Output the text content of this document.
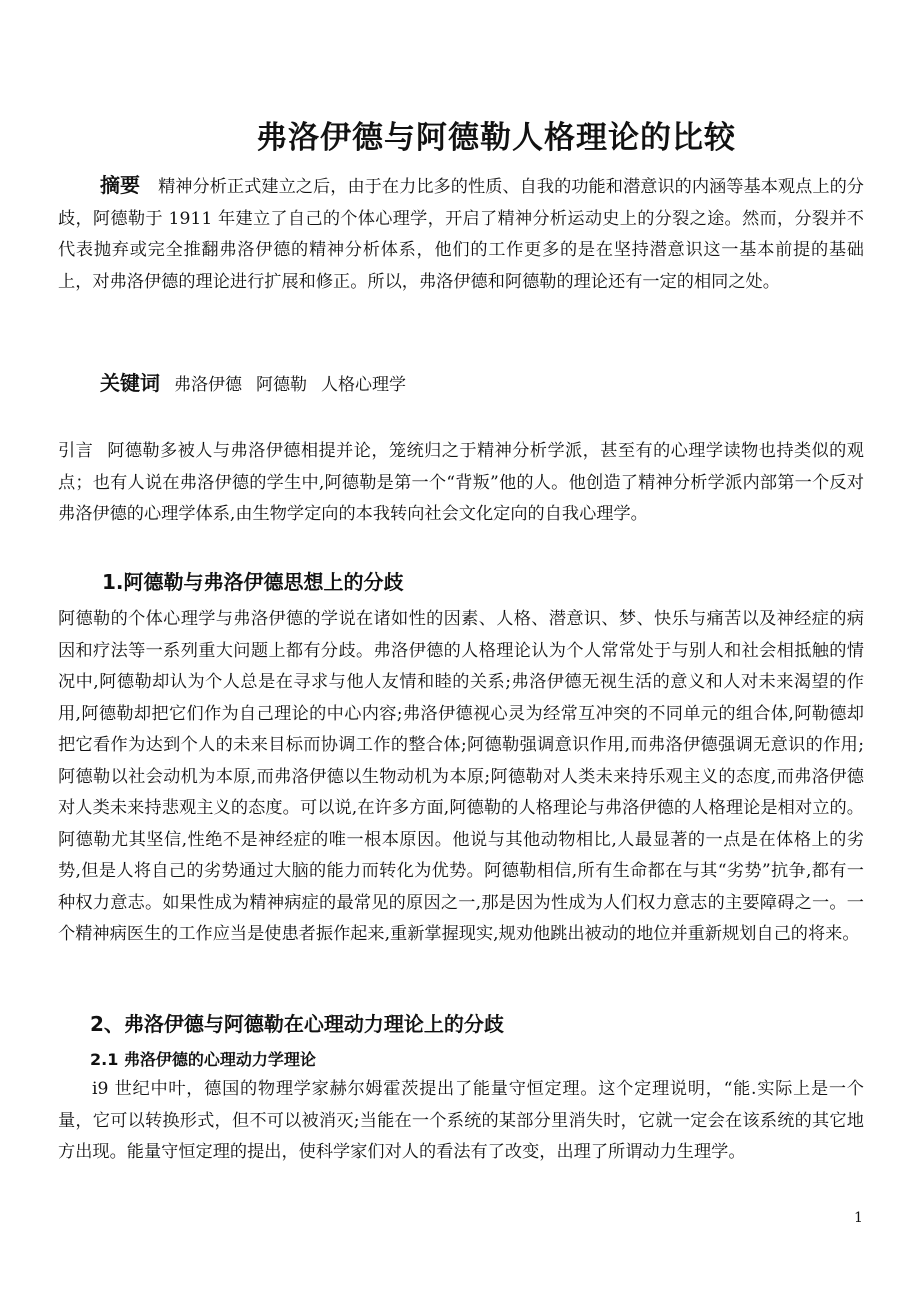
弗洛伊德与阿德勒人格理论的比较
摘要 精神分析正式建立之后，由于在力比多的性质、自我的功能和潜意识的内涵等基本观点上的分歧，阿德勒于 1911 年建立了自己的个体心理学，开启了精神分析运动史上的分裂之途。然而，分裂并不代表抛弃或完全推翻弗洛伊德的精神分析体系，他们的工作更多的是在坚持潜意识这一基本前提的基础上，对弗洛伊德的理论进行扩展和修正。所以，弗洛伊德和阿德勒的理论还有一定的相同之处。
关键词 弗洛伊德 阿德勒 人格心理学
引言 阿德勒多被人与弗洛伊德相提并论，笼统归之于精神分析学派，甚至有的心理学读物也持类似的观点；也有人说在弗洛伊德的学生中,阿德勒是第一个“背叛”他的人。他创造了精神分析学派内部第一个反对弗洛伊德的心理学体系,由生物学定向的本我转向社会文化定向的自我心理学。
1.阿德勒与弗洛伊德思想上的分歧
阿德勒的个体心理学与弗洛伊德的学说在诸如性的因素、人格、潜意识、梦、快乐与痛苦以及神经症的病因和疗法等一系列重大问题上都有分歧。弗洛伊德的人格理论认为个人常常处于与别人和社会相抵触的情况中,阿德勒却认为个人总是在寻求与他人友情和睦的关系;弗洛伊德无视生活的意义和人对未来渴望的作用,阿德勒却把它们作为自己理论的中心内容;弗洛伊德视心灵为经常互冲突的不同单元的组合体,阿勒德却把它看作为达到个人的未来目标而协调工作的整合体;阿德勒强调意识作用,而弗洛伊德强调无意识的作用;阿德勒以社会动机为本原,而弗洛伊德以生物动机为本原;阿德勒对人类未来持乐观主义的态度,而弗洛伊德对人类未来持悲观主义的态度。可以说,在许多方面,阿德勒的人格理论与弗洛伊德的人格理论是相对立的。阿德勒尤其坚信,性绝不是神经症的唯一根本原因。他说与其他动物相比,人最显著的一点是在体格上的劣势,但是人将自己的劣势通过大脑的能力而转化为优势。阿德勒相信,所有生命都在与其“劣势”抗争,都有一种权力意志。如果性成为精神病症的最常见的原因之一,那是因为性成为人们权力意志的主要障碍之一。一个精神病医生的工作应当是使患者振作起来,重新掌握现实,规劝他跳出被动的地位并重新规划自己的将来。
2、弗洛伊德与阿德勒在心理动力理论上的分歧
2.1 弗洛伊德的心理动力学理论
i9 世纪中叶，德国的物理学家赫尔姆霍茨提出了能量守恒定理。这个定理说明，“能.实际上是一个量，它可以转换形式，但不可以被消灭;当能在一个系统的某部分里消失时，它就一定会在该系统的其它地方出现。能量守恒定理的提出，使科学家们对人的看法有了改变，出理了所谓动力生理学。
1
